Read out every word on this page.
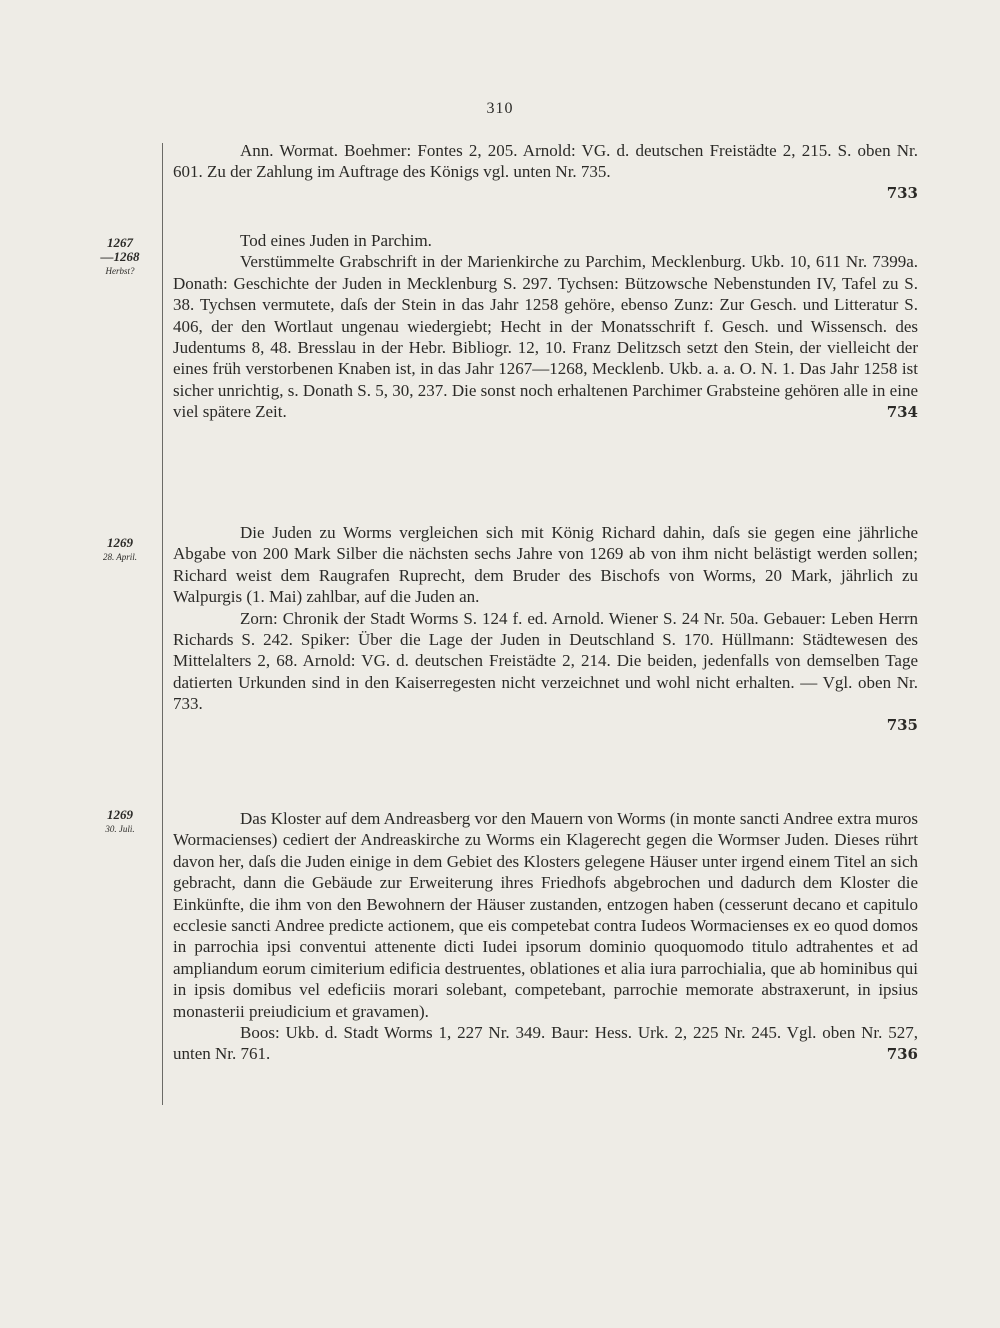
310
1267
—1268
Herbst?
1269
28. April.
1269
30. Juli.

Ann. Wormat. Boehmer: Fontes 2, 205. Arnold: VG. d. deutschen Freistädte 2, 215. S. oben Nr. 601. Zu der Zahlung im Auftrage des Königs vgl. unten Nr. 735.

733

Tod eines Juden in Parchim.

Verstümmelte Grabschrift in der Marienkirche zu Parchim, Mecklenburg. Ukb. 10, 611 Nr. 7399a. Donath: Geschichte der Juden in Mecklenburg S. 297. Tychsen: Bützowsche Nebenstunden IV, Tafel zu S. 38. Tychsen vermutete, daſs der Stein in das Jahr 1258 gehöre, ebenso Zunz: Zur Gesch. und Litteratur S. 406, der den Wortlaut ungenau wiedergiebt; Hecht in der Monatsschrift f. Gesch. und Wissensch. des Judentums 8, 48. Bresslau in der Hebr. Bibliogr. 12, 10. Franz Delitzsch setzt den Stein, der vielleicht der eines früh verstorbenen Knaben ist, in das Jahr 1267—1268, Mecklenb. Ukb. a. a. O. N. 1. Das Jahr 1258 ist sicher unrichtig, s. Donath S. 5, 30, 237. Die sonst noch erhaltenen Parchimer Grabsteine gehören alle in eine viel spätere Zeit.	734

Die Juden zu Worms vergleichen sich mit König Richard dahin, daſs sie gegen eine jährliche Abgabe von 200 Mark Silber die nächsten sechs Jahre von 1269 ab von ihm nicht belästigt werden sollen; Richard weist dem Raugrafen Ruprecht, dem Bruder des Bischofs von Worms, 20 Mark, jährlich zu Walpurgis (1. Mai) zahlbar, auf die Juden an.

Zorn: Chronik der Stadt Worms S. 124 f. ed. Arnold. Wiener S. 24 Nr. 50a. Gebauer: Leben Herrn Richards S. 242. Spiker: Über die Lage der Juden in Deutschland S. 170. Hüllmann: Städtewesen des Mittelalters 2, 68. Arnold: VG. d. deutschen Freistädte 2, 214. Die beiden, jedenfalls von demselben Tage datierten Urkunden sind in den Kaiserregesten nicht verzeichnet und wohl nicht erhalten. — Vgl. oben Nr. 733.

735

Das Kloster auf dem Andreasberg vor den Mauern von Worms (in monte sancti Andree extra muros Wormacienses) cediert der Andreaskirche zu Worms ein Klagerecht gegen die Wormser Juden. Dieses rührt davon her, daſs die Juden einige in dem Gebiet des Klosters gelegene Häuser unter irgend einem Titel an sich gebracht, dann die Gebäude zur Erweiterung ihres Friedhofs abgebrochen und dadurch dem Kloster die Einkünfte, die ihm von den Bewohnern der Häuser zustanden, entzogen haben (cesserunt decano et capitulo ecclesie sancti Andree predicte actionem, que eis competebat contra Iudeos Wormacienses ex eo quod domos in parrochia ipsi conventui attenente dicti Iudei ipsorum dominio quoquomodo titulo adtrahentes et ad ampliandum eorum cimiterium edificia destruentes, oblationes et alia iura parrochialia, que ab hominibus qui in ipsis domibus vel edeficiis morari solebant, competebant, parrochie memorate abstraxerunt, in ipsius monasterii preiudicium et gravamen).

Boos: Ukb. d. Stadt Worms 1, 227 Nr. 349. Baur: Hess. Urk. 2, 225 Nr. 245. Vgl. oben Nr. 527, unten Nr. 761.	736
